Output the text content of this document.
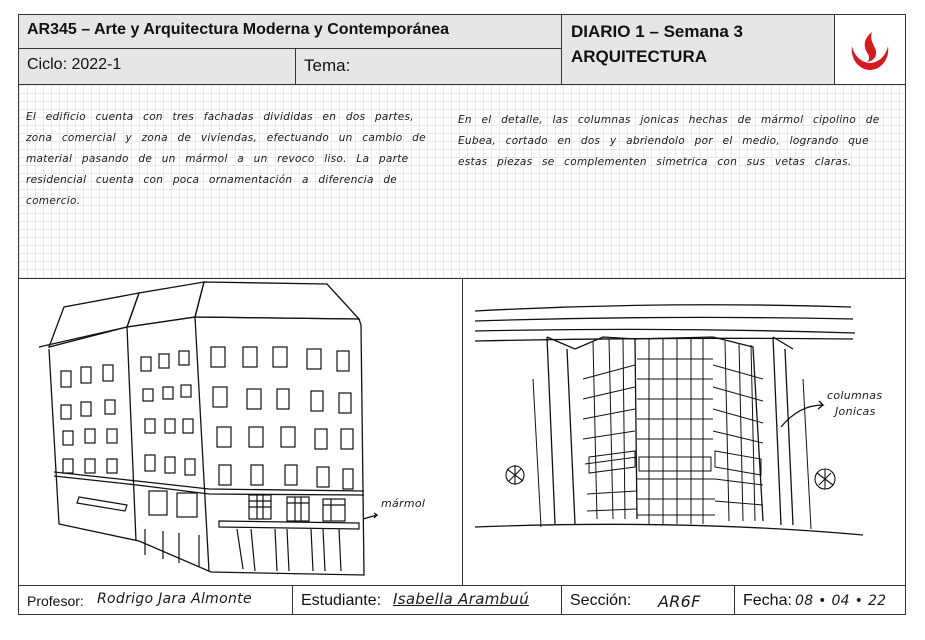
AR345 – Arte y Arquitectura Moderna y Contemporánea
Ciclo: 2022-1	Tema:
DIARIO 1 – Semana 3
ARQUITECTURA
El edificio cuenta con tres fachadas divididas en dos partes, zona comercial y zona de viviendas, efectuando un cambio de material pasando de un mármol a un revoco liso. La parte residencial cuenta con poca ornamentación a diferencia de comercio.
En el detalle, las columnas jonicas hechas de mármol cipolino de Eubea, cortado en dos y abriendolo por el medio, logrando que estas piezas se complementen simetrica con sus vetas claras.
mármol
columnas
Jonicas
Profesor: Rodrigo Jara Almonte	Estudiante: Isabella Arambuú	Sección: AR6F	Fecha: 08 • 04 • 22
